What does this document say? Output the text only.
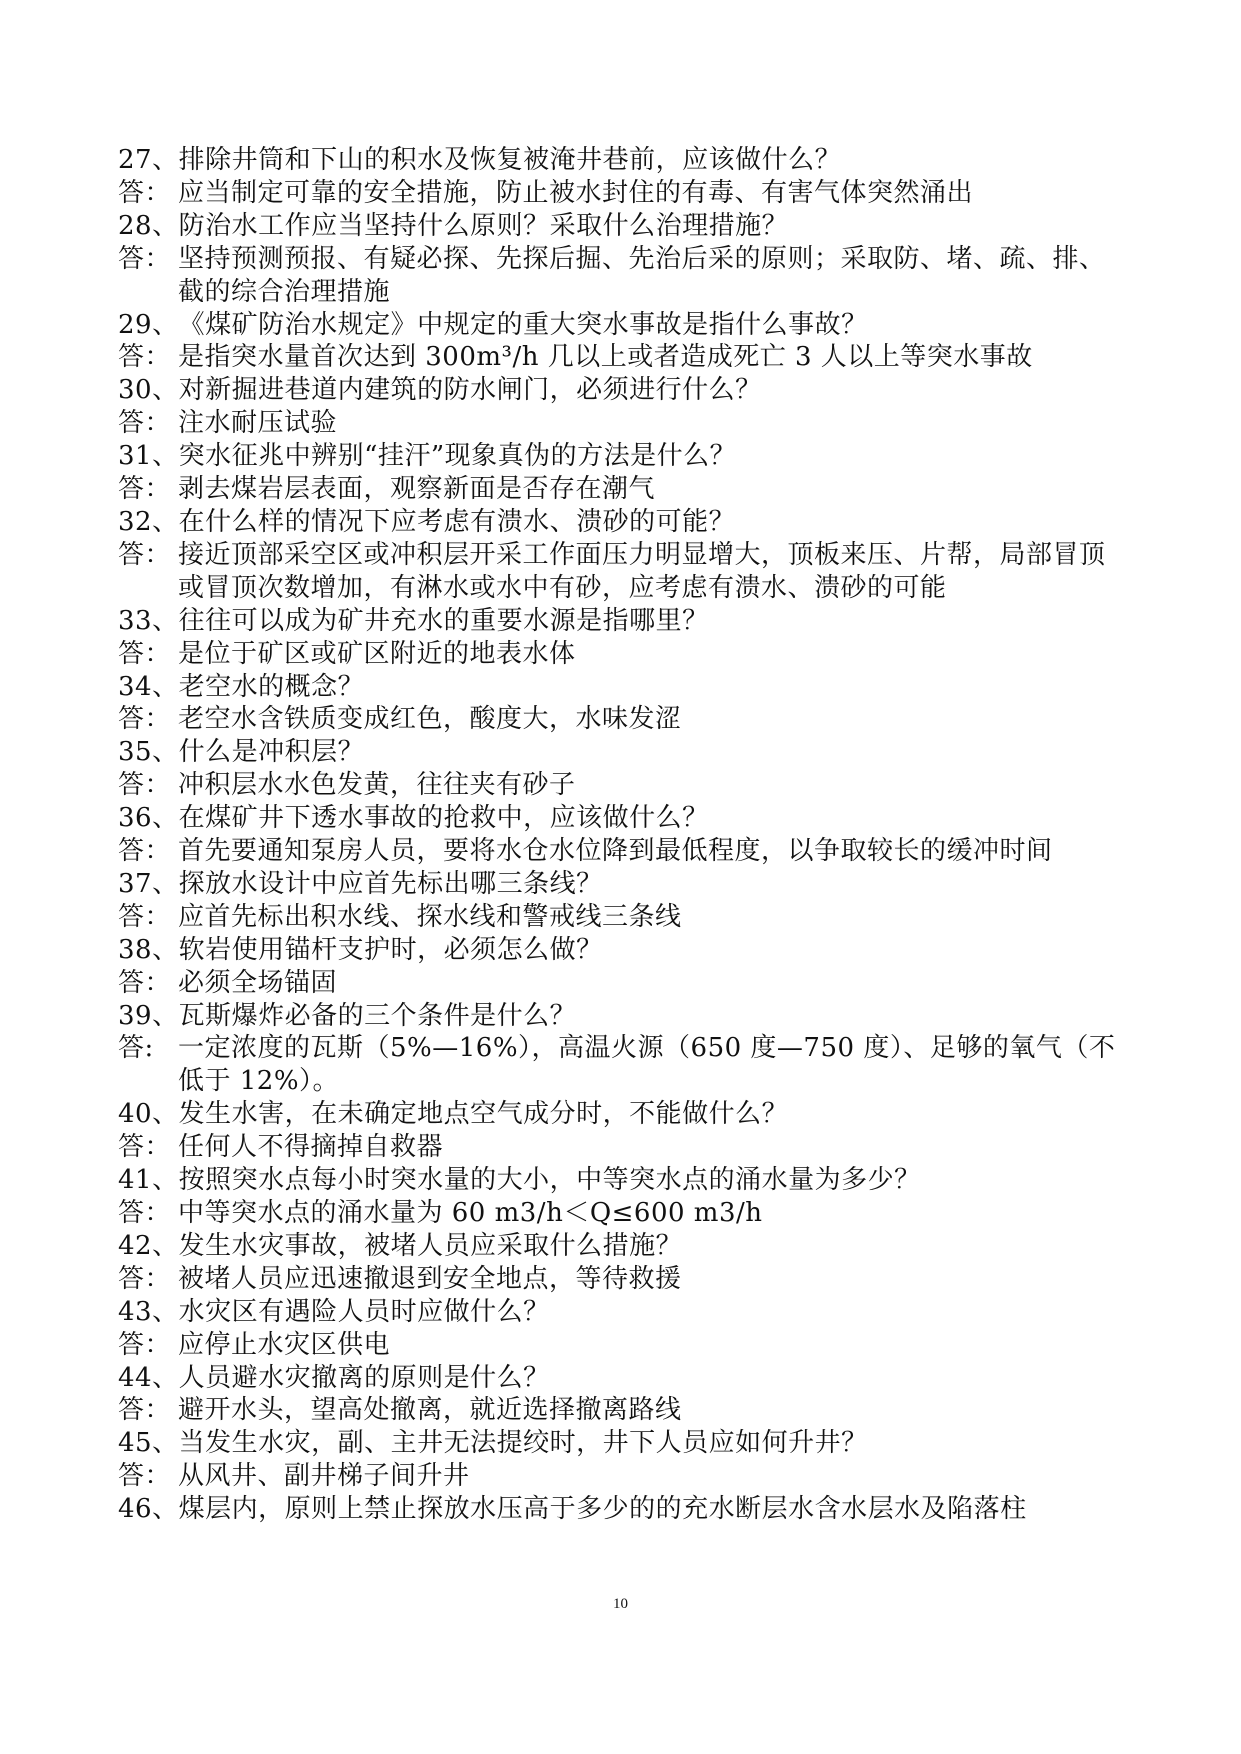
27、 排除井筒和下山的积水及恢复被淹井巷前，应该做什么？
答： 应当制定可靠的安全措施，防止被水封住的有毒、有害气体突然涌出
28、 防治水工作应当坚持什么原则？采取什么治理措施？
答： 坚持预测预报、有疑必探、先探后掘、先治后采的原则；采取防、堵、疏、排、截的综合治理措施
29、 《煤矿防治水规定》中规定的重大突水事故是指什么事故？
答： 是指突水量首次达到 300m³/h 几以上或者造成死亡 3 人以上等突水事故
30、 对新掘进巷道内建筑的防水闸门，必须进行什么？
答： 注水耐压试验
31、 突水征兆中辨别“挂汗”现象真伪的方法是什么？
答： 剥去煤岩层表面，观察新面是否存在潮气
32、 在什么样的情况下应考虑有溃水、溃砂的可能？
答： 接近顶部采空区或冲积层开采工作面压力明显增大，顶板来压、片帮，局部冒顶或冒顶次数增加，有淋水或水中有砂，应考虑有溃水、溃砂的可能
33、 往往可以成为矿井充水的重要水源是指哪里？
答： 是位于矿区或矿区附近的地表水体
34、 老空水的概念？
答： 老空水含铁质变成红色，酸度大，水味发涩
35、 什么是冲积层？
答： 冲积层水水色发黄，往往夹有砂子
36、 在煤矿井下透水事故的抢救中，应该做什么？
答： 首先要通知泵房人员，要将水仓水位降到最低程度，以争取较长的缓冲时间
37、 探放水设计中应首先标出哪三条线？
答： 应首先标出积水线、探水线和警戒线三条线
38、 软岩使用锚杆支护时，必须怎么做？
答： 必须全场锚固
39、 瓦斯爆炸必备的三个条件是什么？
答: 一定浓度的瓦斯（5%—16%），高温火源（650 度—750 度）、足够的氧气（不低于 12%）。
40、 发生水害，在未确定地点空气成分时，不能做什么？
答： 任何人不得摘掉自救器
41、 按照突水点每小时突水量的大小，中等突水点的涌水量为多少？
答： 中等突水点的涌水量为 60 m3/h＜Q≤600 m3/h
42、 发生水灾事故，被堵人员应采取什么措施？
答： 被堵人员应迅速撤退到安全地点，等待救援
43、 水灾区有遇险人员时应做什么？
答： 应停止水灾区供电
44、 人员避水灾撤离的原则是什么？
答： 避开水头，望高处撤离，就近选择撤离路线
45、 当发生水灾，副、主井无法提绞时，井下人员应如何升井？
答： 从风井、副井梯子间升井
46、 煤层内，原则上禁止探放水压高于多少的的充水断层水含水层水及陷落柱
10
